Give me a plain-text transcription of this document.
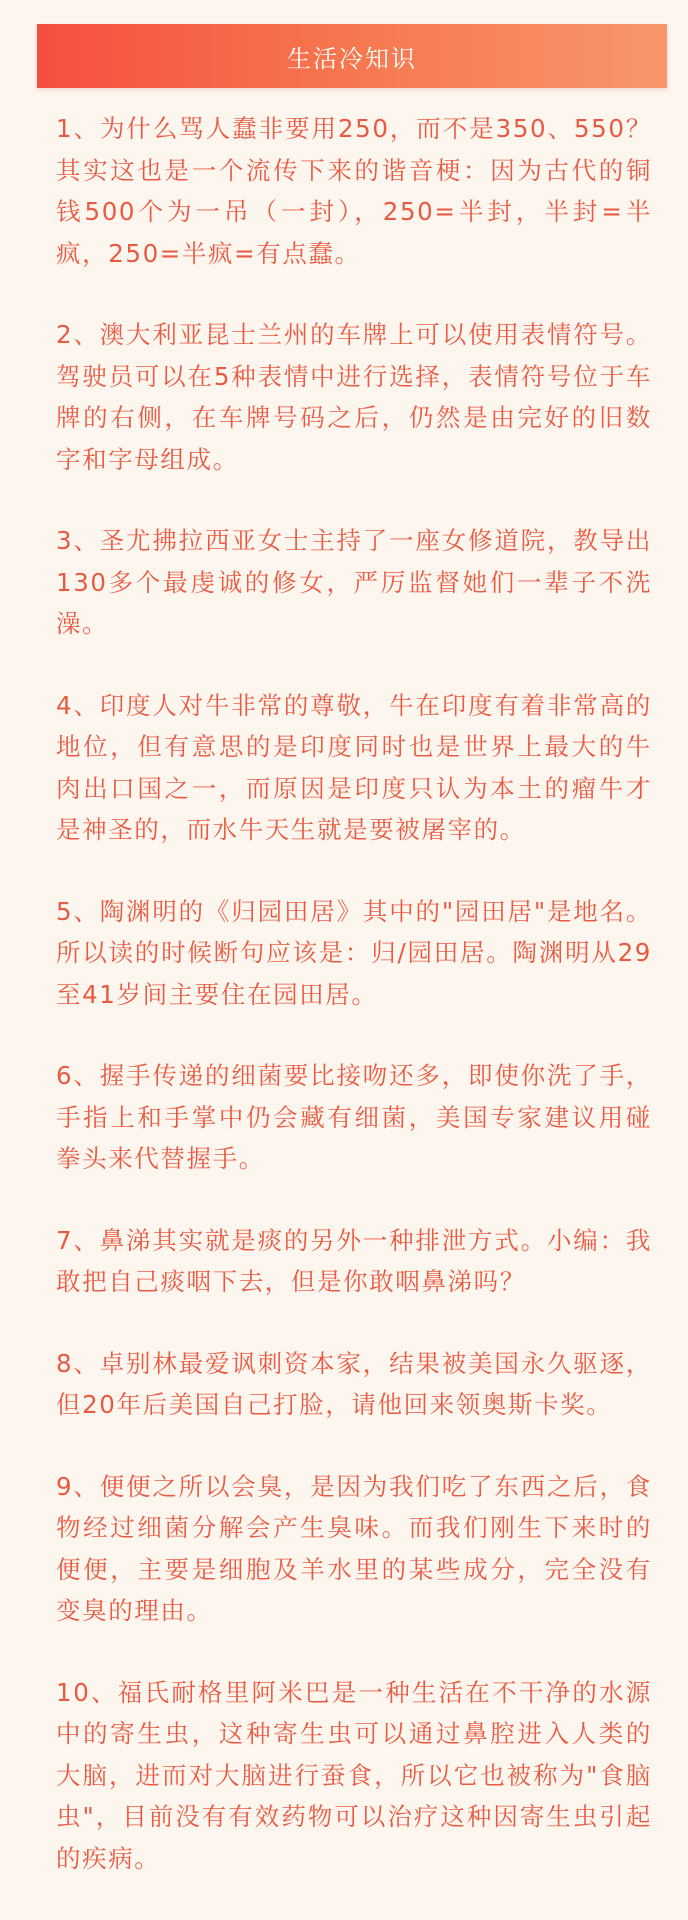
生活冷知识

1、为什么骂人蠢非要用250，而不是350、550？其实这也是一个流传下来的谐音梗：因为古代的铜钱500个为一吊（一封），250=半封，半封=半疯，250=半疯=有点蠢。

2、澳大利亚昆士兰州的车牌上可以使用表情符号。驾驶员可以在5种表情中进行选择，表情符号位于车牌的右侧，在车牌号码之后，仍然是由完好的旧数字和字母组成。

3、圣尤拂拉西亚女士主持了一座女修道院，教导出130多个最虔诚的修女，严厉监督她们一辈子不洗澡。

4、印度人对牛非常的尊敬，牛在印度有着非常高的地位，但有意思的是印度同时也是世界上最大的牛肉出口国之一，而原因是印度只认为本土的瘤牛才是神圣的，而水牛天生就是要被屠宰的。

5、陶渊明的《归园田居》其中的"园田居"是地名。所以读的时候断句应该是：归/园田居。陶渊明从29至41岁间主要住在园田居。

6、握手传递的细菌要比接吻还多，即使你洗了手，手指上和手掌中仍会藏有细菌，美国专家建议用碰拳头来代替握手。

7、鼻涕其实就是痰的另外一种排泄方式。小编：我敢把自己痰咽下去，但是你敢咽鼻涕吗？

8、卓别林最爱讽刺资本家，结果被美国永久驱逐，但20年后美国自己打脸，请他回来领奥斯卡奖。

9、便便之所以会臭，是因为我们吃了东西之后，食物经过细菌分解会产生臭味。而我们刚生下来时的便便，主要是细胞及羊水里的某些成分，完全没有变臭的理由。

10、福氏耐格里阿米巴是一种生活在不干净的水源中的寄生虫，这种寄生虫可以通过鼻腔进入人类的大脑，进而对大脑进行蚕食，所以它也被称为"食脑虫"，目前没有有效药物可以治疗这种因寄生虫引起的疾病。
